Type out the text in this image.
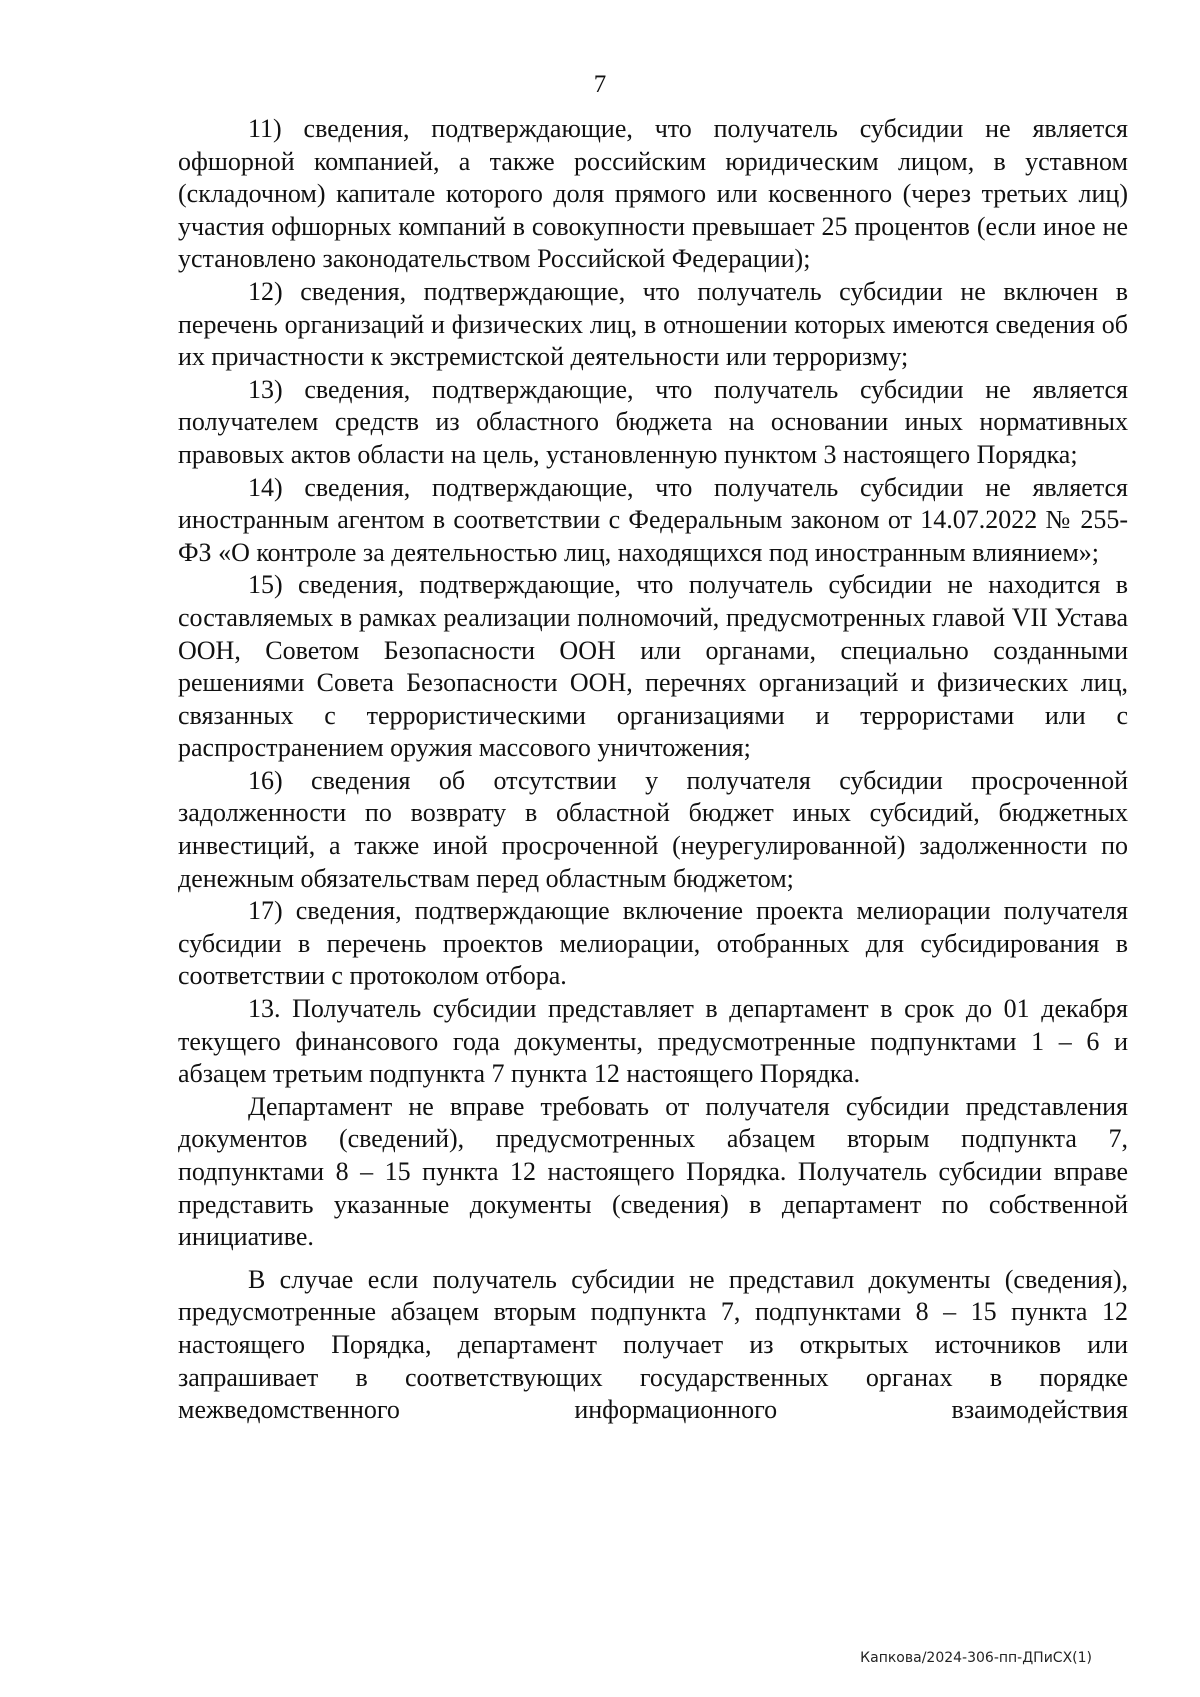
7

11) сведения, подтверждающие, что получатель субсидии не является офшорной компанией, а также российским юридическим лицом, в уставном (складочном) капитале которого доля прямого или косвенного (через третьих лиц) участия офшорных компаний в совокупности превышает 25 процентов (если иное не установлено законодательством Российской Федерации);

12) сведения, подтверждающие, что получатель субсидии не включен в перечень организаций и физических лиц, в отношении которых имеются сведения об их причастности к экстремистской деятельности или терроризму;

13) сведения, подтверждающие, что получатель субсидии не является получателем средств из областного бюджета на основании иных нормативных правовых актов области на цель, установленную пунктом 3 настоящего Порядка;

14) сведения, подтверждающие, что получатель субсидии не является иностранным агентом в соответствии с Федеральным законом от 14.07.2022 № 255-ФЗ «О контроле за деятельностью лиц, находящихся под иностранным влиянием»;

15) сведения, подтверждающие, что получатель субсидии не находится в составляемых в рамках реализации полномочий, предусмотренных главой VII Устава ООН, Советом Безопасности ООН или органами, специально созданными решениями Совета Безопасности ООН, перечнях организаций и физических лиц, связанных с террористическими организациями и террористами или с распространением оружия массового уничтожения;

16) сведения об отсутствии у получателя субсидии просроченной задолженности по возврату в областной бюджет иных субсидий, бюджетных инвестиций, а также иной просроченной (неурегулированной) задолженности по денежным обязательствам перед областным бюджетом;

17) сведения, подтверждающие включение проекта мелиорации получателя субсидии в перечень проектов мелиорации, отобранных для субсидирования в соответствии с протоколом отбора.

13. Получатель субсидии представляет в департамент в срок до 01 декабря текущего финансового года документы, предусмотренные подпунктами 1 – 6 и абзацем третьим подпункта 7 пункта 12 настоящего Порядка.

Департамент не вправе требовать от получателя субсидии представления документов (сведений), предусмотренных абзацем вторым подпункта 7, подпунктами 8 – 15 пункта 12 настоящего Порядка. Получатель субсидии вправе представить указанные документы (сведения) в департамент по собственной инициативе.

В случае если получатель субсидии не представил документы (сведения), предусмотренные абзацем вторым подпункта 7, подпунктами 8 – 15 пункта 12 настоящего Порядка, департамент получает из открытых источников или запрашивает в соответствующих государственных органах в порядке межведомственного информационного взаимодействия

Капкова/2024-306-пп-ДПиСХ(1)
